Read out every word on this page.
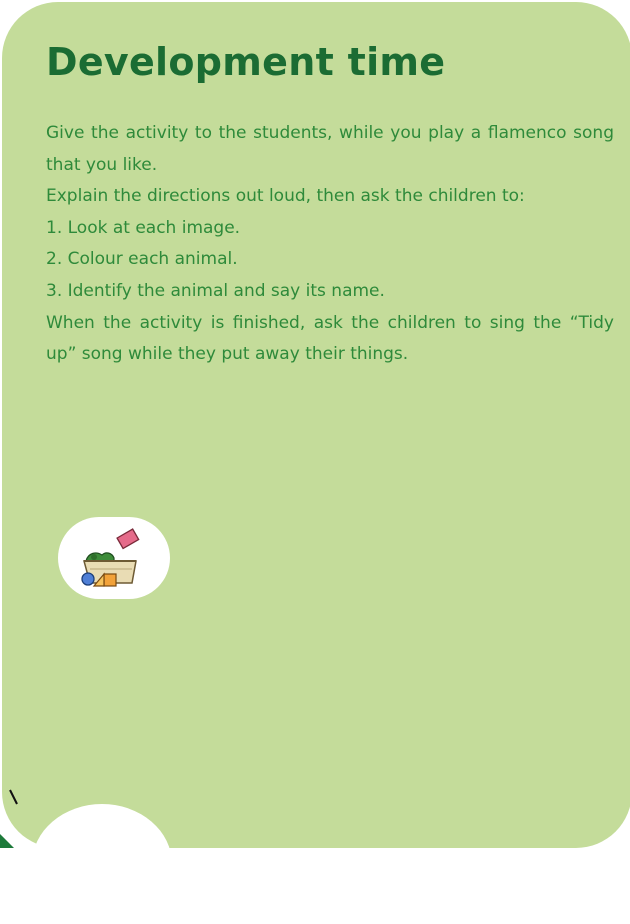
Development time

Give the activity to the students, while you play a flamenco song that you like.

Explain the directions out loud, then ask the children to:

1. Look at each image.

2. Colour each animal.

3. Identify the animal and say its name.

When the activity is finished, ask the children to sing the “Tidy up” song while they put away their things.
